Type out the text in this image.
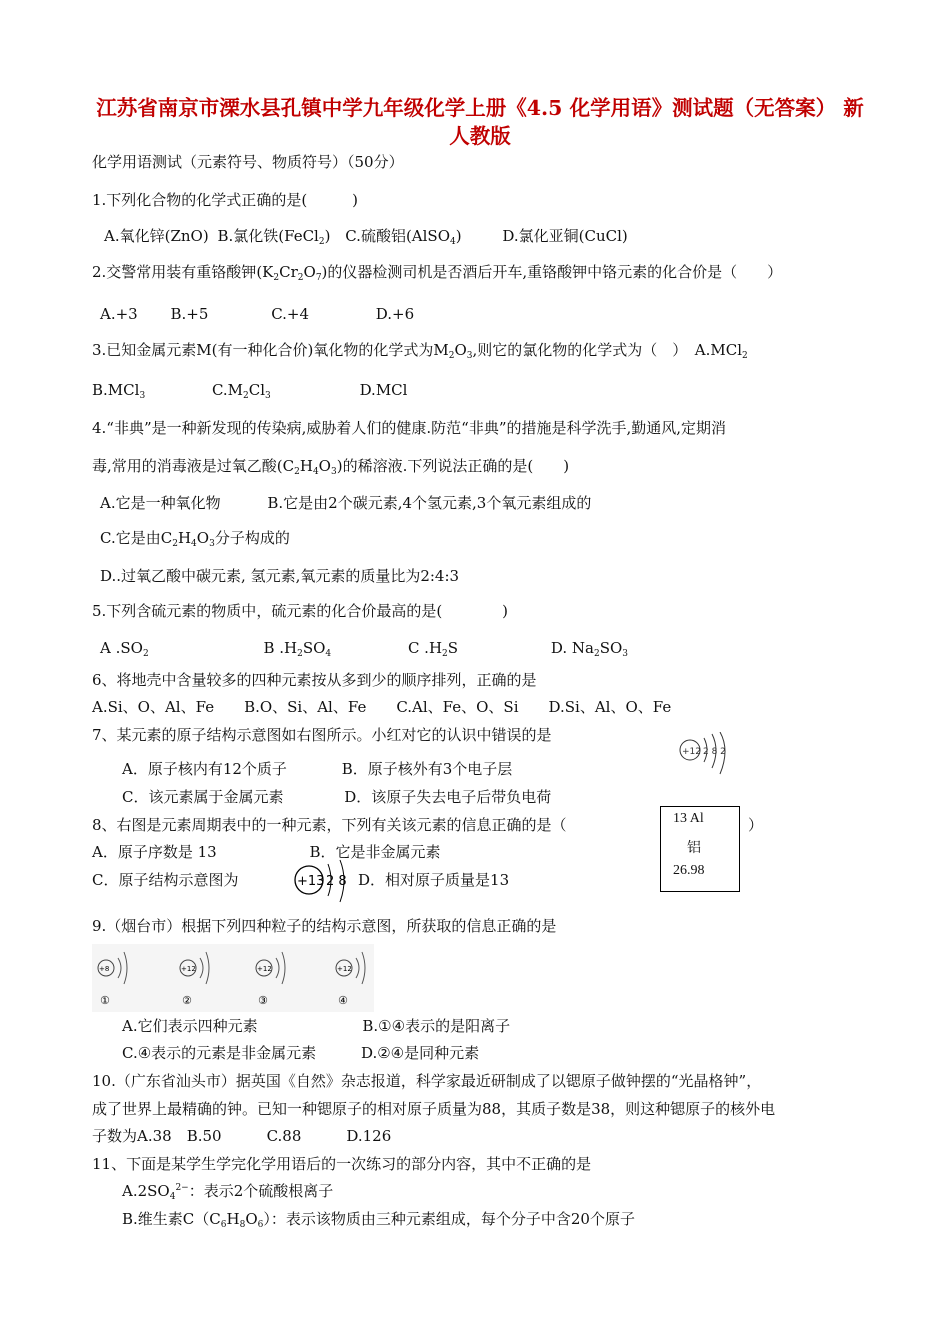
江苏省南京市溧水县孔镇中学九年级化学上册《4.5 化学用语》测试题（无答案） 新人教版
化学用语测试（元素符号、物质符号）（50分）
1.下列化合物的化学式正确的是(　　　)
A.氧化锌(ZnO) B.氯化铁(FeCl$_2$) C.硫酸铝(AlSO$_4$)	D.氯化亚铜(CuCl)
2.交警常用装有重铬酸钾$(K_2Cr_2O_7)$的仪器检测司机是否酒后开车,重铬酸钾中铬元素的化合价是（　　）
A.+3 B.+5	C.+4	D.+6
3.已知金属元素M(有一种化合价)氧化物的化学式为$M_2O_3$,则它的氯化物的化学式为（　）　A.MCl$_2$
B.MCl$_3$	$C.M_2Cl_3$	D.MCl
4.“非典”是一种新发现的传染病,威胁着人们的健康.防范“非典”的措施是科学洗手,勤通风,定期消
毒,常用的消毒液是过氧乙酸$(C_2H_4O_3)$的稀溶液.下列说法正确的是(　　)
A.它是一种氧化物	B.它是由2个碳元素,4个氢元素,3个氧元素组成的
C.它是由$C_2H_4O_3$分子构成的
D..过氧乙酸中碳元素, 氢元素,氧元素的质量比为2:4:3
5.下列含硫元素的物质中，硫元素的化合价最高的是(　　　　)
A $.SO_2$	B $.H_2SO_4$	C $.H_2S$	D. $Na_2SO_3$
6、将地壳中含量较多的四种元素按从多到少的顺序排列，正确的是
A.Si、O、Al、Fe　　B.O、Si、Al、Fe　　C.Al、Fe、O、Si　　D.Si、Al、O、Fe
7、某元素的原子结构示意图如右图所示。小红对它的认识中错误的是
+12 2 8 2
A．原子核内有12个质子	B．原子核外有3个电子层
C．该元素属于金属元素	D．该原子失去电子后带负电荷
8、右图是元素周期表中的一种元素，下列有关该元素的信息正确的是（	）
13 Al
铝
26.98
A．原子序数是 13	B．它是非金属元素
C．原子结构示意图为	+13 2 8 D．相对原子质量是13
9.（烟台市）根据下列四种粒子的结构示意图，所获取的信息正确的是
+8
①
+12
②
+12
③
+12
④
A.它们表示四种元素	B.①④表示的是阳离子
C.④表示的元素是非金属元素	D.②④是同种元素
10.（广东省汕头市）据英国《自然》杂志报道，科学家最近研制成了以锶原子做钟摆的“光晶格钟”，
成了世界上最精确的钟。已知一种锶原子的相对原子质量为88，其质子数是38，则这种锶原子的核外电
子数为A.38　B.50　　　C.88　　　D.126
11、下面是某学生学完化学用语后的一次练习的部分内容，其中不正确的是
$A.2SO_4^{2-}$：表示2个硫酸根离子
B.维生素$C(C_6H_8O_6)$：表示该物质由三种元素组成，每个分子中含20个原子
